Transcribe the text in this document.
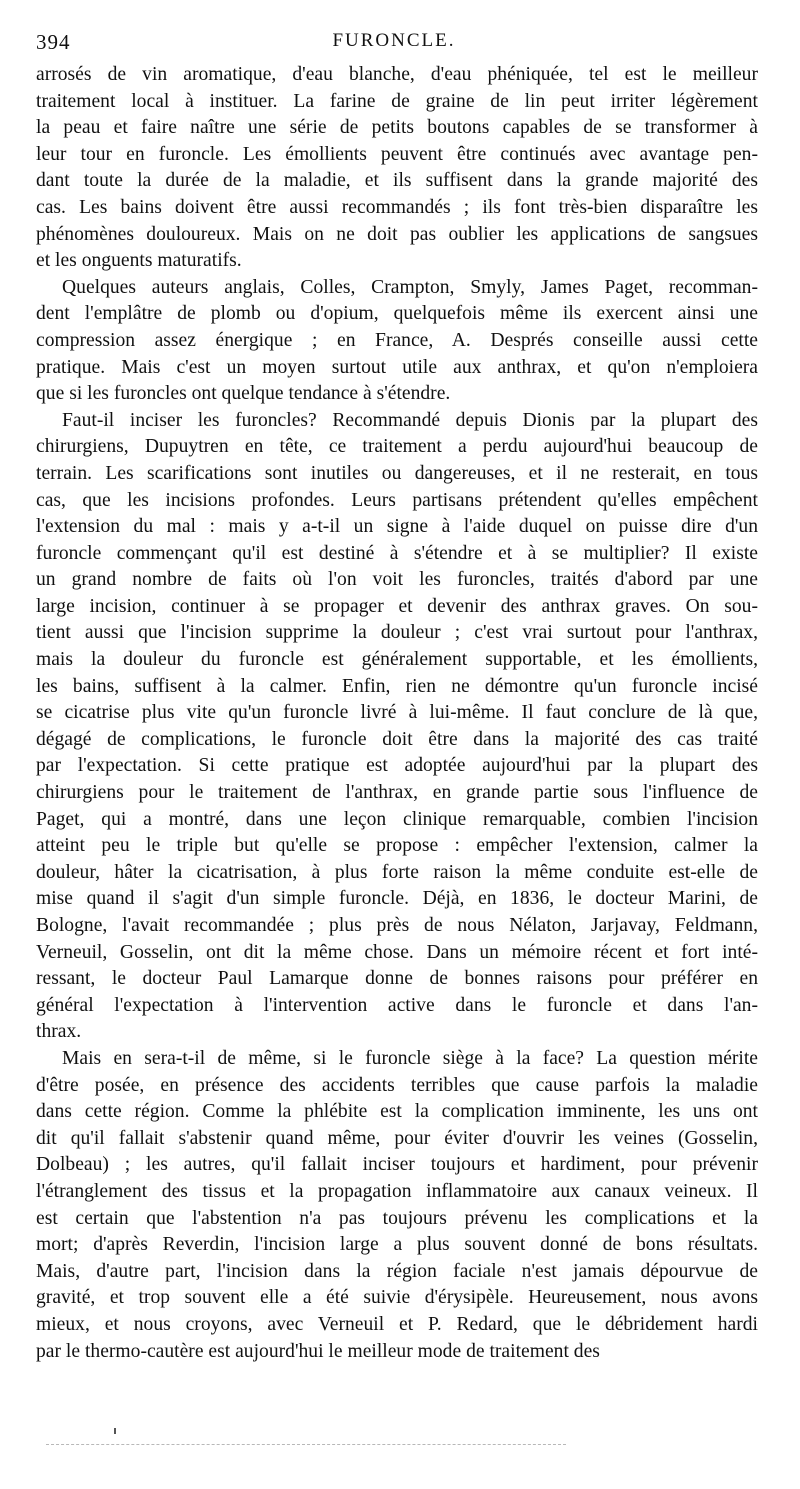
394	FURONCLE.
arrosés de vin aromatique, d'eau blanche, d'eau phéniquée, tel est le meilleur
traitement local à instituer. La farine de graine de lin peut irriter légèrement
la peau et faire naître une série de petits boutons capables de se transformer à
leur tour en furoncle. Les émollients peuvent être continués avec avantage pen-
dant toute la durée de la maladie, et ils suffisent dans la grande majorité des
cas. Les bains doivent être aussi recommandés ; ils font très-bien disparaître les
phénomènes douloureux. Mais on ne doit pas oublier les applications de sangsues
et les onguents maturatifs.
Quelques auteurs anglais, Colles, Crampton, Smyly, James Paget, recomman-
dent l'emplâtre de plomb ou d'opium, quelquefois même ils exercent ainsi une
compression assez énergique ; en France, A. Després conseille aussi cette
pratique. Mais c'est un moyen surtout utile aux anthrax, et qu'on n'emploiera
que si les furoncles ont quelque tendance à s'étendre.
Faut-il inciser les furoncles? Recommandé depuis Dionis par la plupart des
chirurgiens, Dupuytren en tête, ce traitement a perdu aujourd'hui beaucoup de
terrain. Les scarifications sont inutiles ou dangereuses, et il ne resterait, en tous
cas, que les incisions profondes. Leurs partisans prétendent qu'elles empêchent
l'extension du mal : mais y a-t-il un signe à l'aide duquel on puisse dire d'un
furoncle commençant qu'il est destiné à s'étendre et à se multiplier? Il existe
un grand nombre de faits où l'on voit les furoncles, traités d'abord par une
large incision, continuer à se propager et devenir des anthrax graves. On sou-
tient aussi que l'incision supprime la douleur ; c'est vrai surtout pour l'anthrax,
mais la douleur du furoncle est généralement supportable, et les émollients,
les bains, suffisent à la calmer. Enfin, rien ne démontre qu'un furoncle incisé
se cicatrise plus vite qu'un furoncle livré à lui-même. Il faut conclure de là que,
dégagé de complications, le furoncle doit être dans la majorité des cas traité
par l'expectation. Si cette pratique est adoptée aujourd'hui par la plupart des
chirurgiens pour le traitement de l'anthrax, en grande partie sous l'influence de
Paget, qui a montré, dans une leçon clinique remarquable, combien l'incision
atteint peu le triple but qu'elle se propose : empêcher l'extension, calmer la
douleur, hâter la cicatrisation, à plus forte raison la même conduite est-elle de
mise quand il s'agit d'un simple furoncle. Déjà, en 1836, le docteur Marini, de
Bologne, l'avait recommandée ; plus près de nous Nélaton, Jarjavay, Feldmann,
Verneuil, Gosselin, ont dit la même chose. Dans un mémoire récent et fort inté-
ressant, le docteur Paul Lamarque donne de bonnes raisons pour préférer en
général l'expectation à l'intervention active dans le furoncle et dans l'an-
thrax.
Mais en sera-t-il de même, si le furoncle siège à la face? La question mérite
d'être posée, en présence des accidents terribles que cause parfois la maladie
dans cette région. Comme la phlébite est la complication imminente, les uns ont
dit qu'il fallait s'abstenir quand même, pour éviter d'ouvrir les veines (Gosselin,
Dolbeau) ; les autres, qu'il fallait inciser toujours et hardiment, pour prévenir
l'étranglement des tissus et la propagation inflammatoire aux canaux veineux. Il
est certain que l'abstention n'a pas toujours prévenu les complications et la
mort; d'après Reverdin, l'incision large a plus souvent donné de bons résultats.
Mais, d'autre part, l'incision dans la région faciale n'est jamais dépourvue de
gravité, et trop souvent elle a été suivie d'érysipèle. Heureusement, nous avons
mieux, et nous croyons, avec Verneuil et P. Redard, que le débridement hardi
par le thermo-cautère est aujourd'hui le meilleur mode de traitement des
